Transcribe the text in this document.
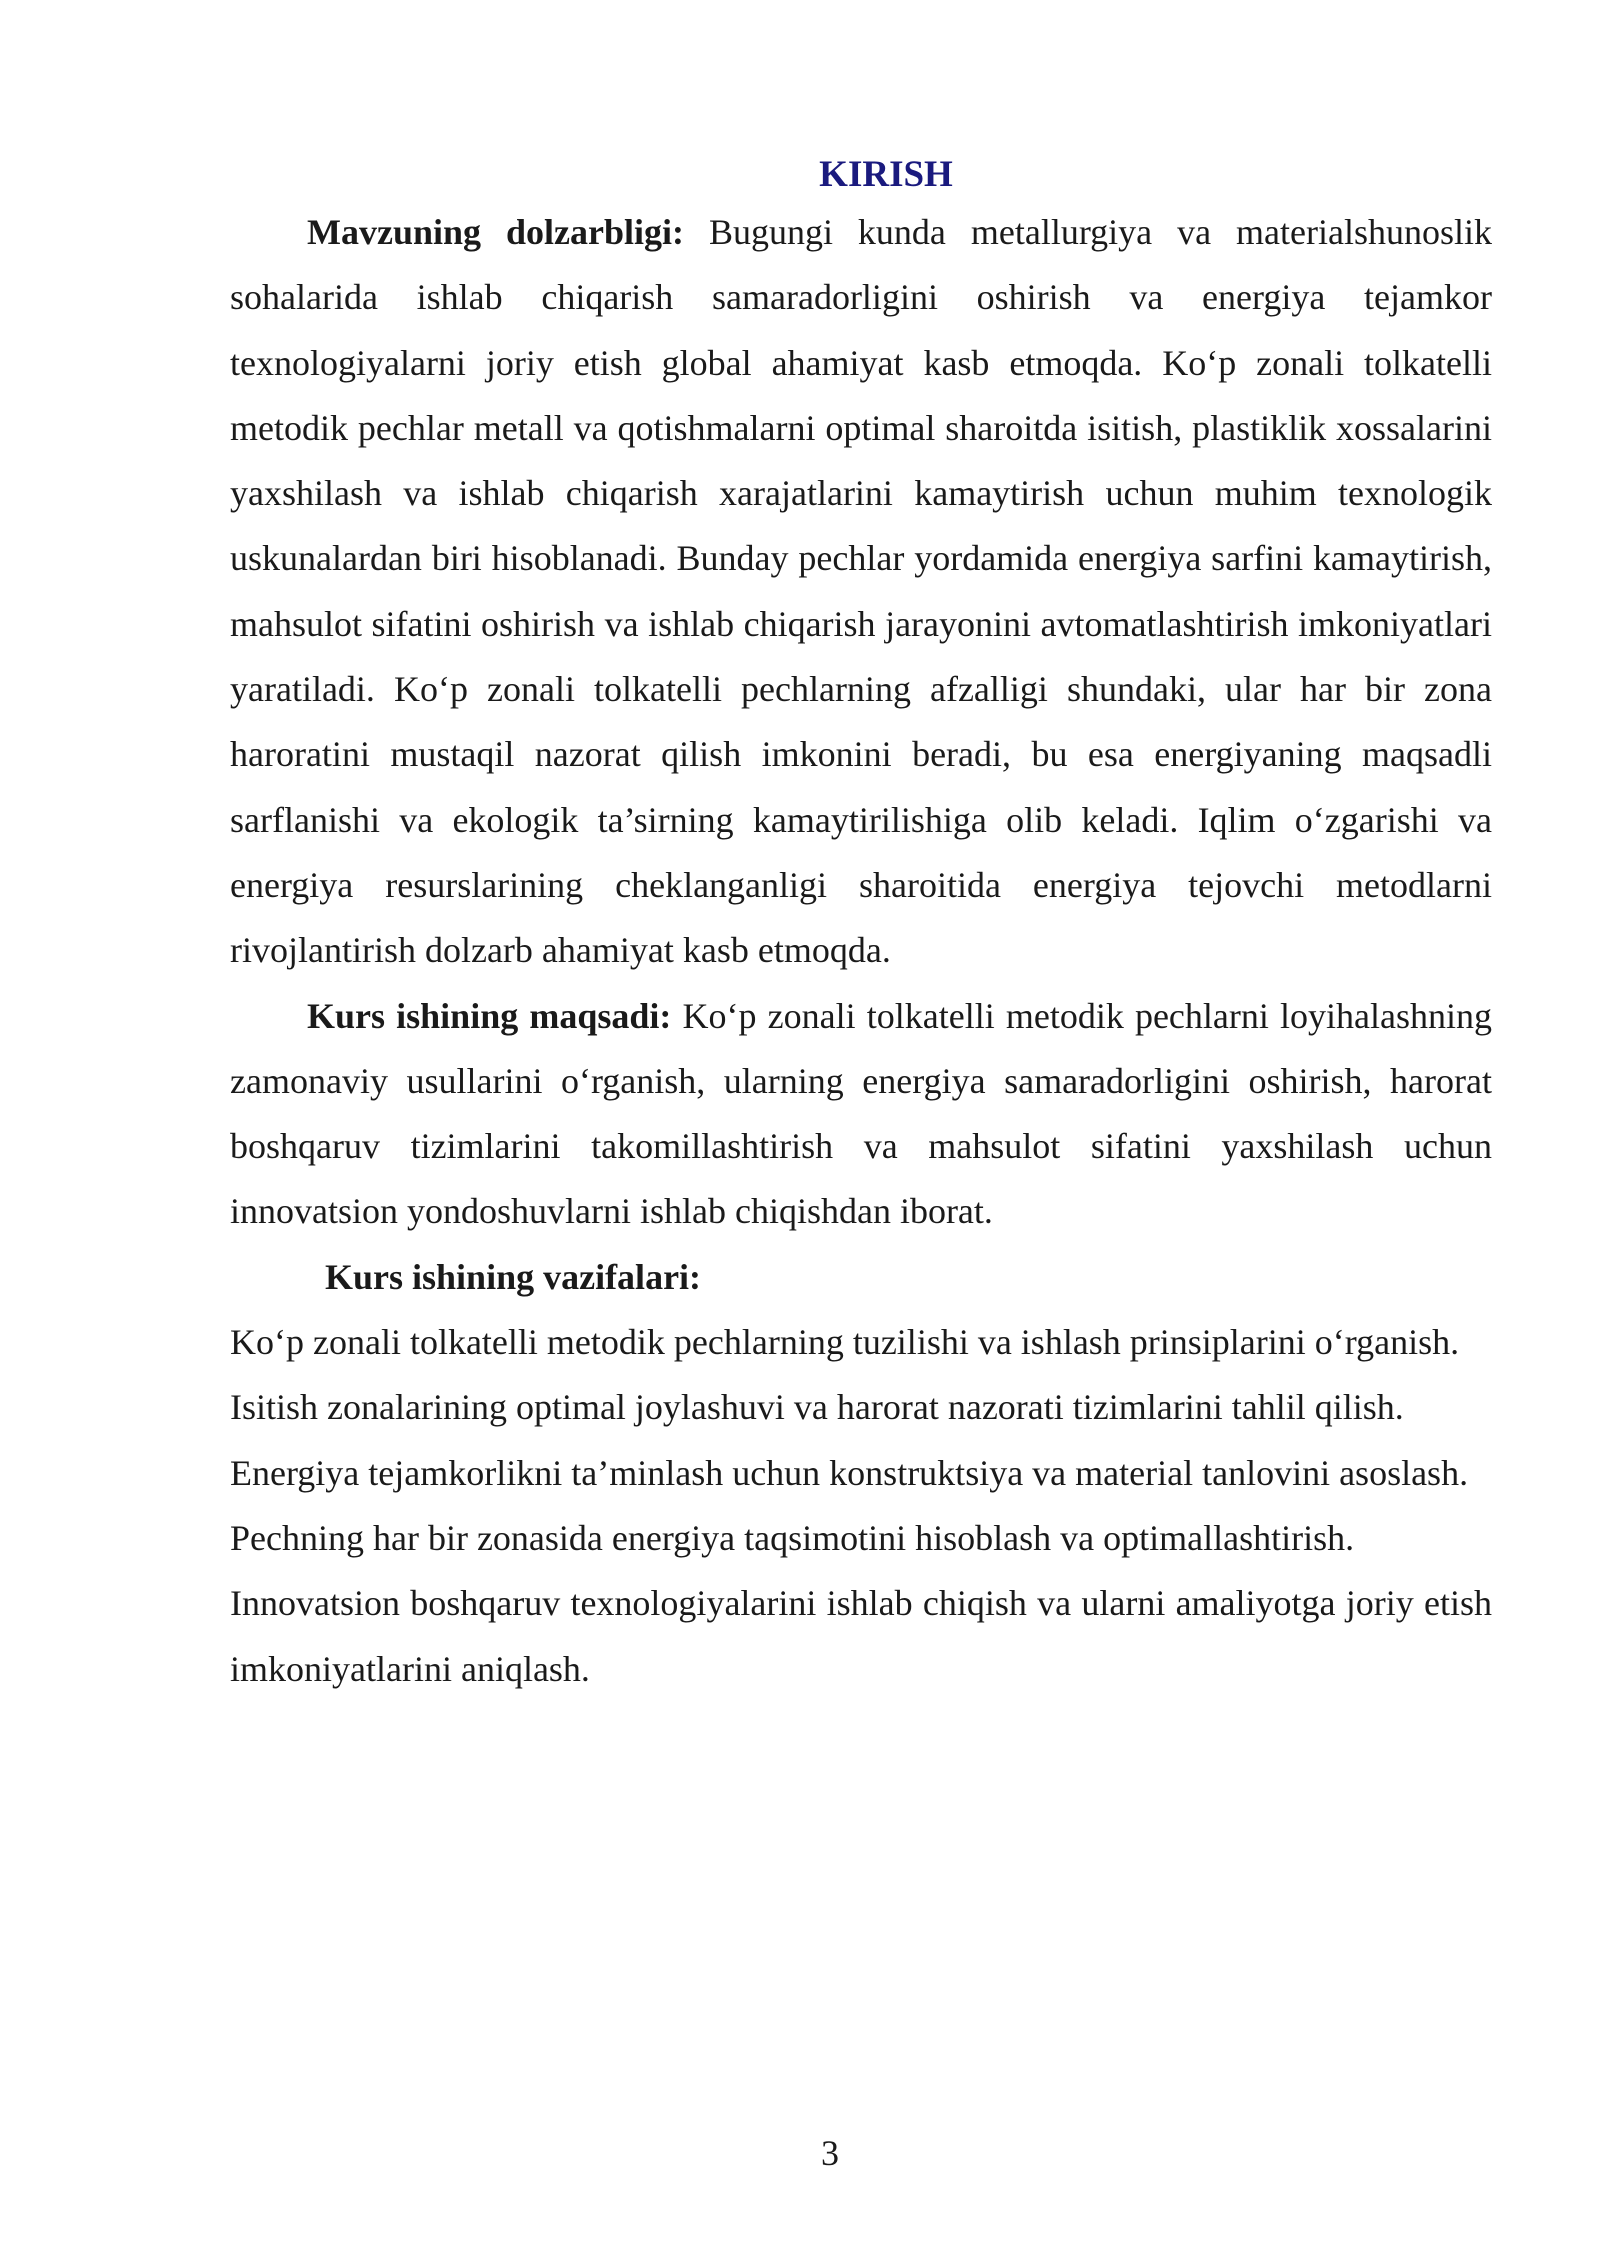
KIRISH

Mavzuning dolzarbligi: Bugungi kunda metallurgiya va materialshunoslik sohalarida ishlab chiqarish samaradorligini oshirish va energiya tejamkor texnologiyalarni joriy etish global ahamiyat kasb etmoqda. Koʻp zonali tolkatelli metodik pechlar metall va qotishmalarni optimal sharoitda isitish, plastiklik xossalarini yaxshilash va ishlab chiqarish xarajatlarini kamaytirish uchun muhim texnologik uskunalardan biri hisoblanadi. Bunday pechlar yordamida energiya sarfini kamaytirish, mahsulot sifatini oshirish va ishlab chiqarish jarayonini avtomatlashtirish imkoniyatlari yaratiladi. Koʻp zonali tolkatelli pechlarning afzalligi shundaki, ular har bir zona haroratini mustaqil nazorat qilish imkonini beradi, bu esa energiyaning maqsadli sarflanishi va ekologik ta’sirning kamaytirilishiga olib keladi. Iqlim oʻzgarishi va energiya resurslarining cheklanganligi sharoitida energiya tejovchi metodlarni rivojlantirish dolzarb ahamiyat kasb etmoqda.

Kurs ishining maqsadi: Koʻp zonali tolkatelli metodik pechlarni loyihalashning zamonaviy usullarini oʻrganish, ularning energiya samaradorligini oshirish, harorat boshqaruv tizimlarini takomillashtirish va mahsulot sifatini yaxshilash uchun innovatsion yondoshuvlarni ishlab chiqishdan iborat.

Kurs ishining vazifalari:

Koʻp zonali tolkatelli metodik pechlarning tuzilishi va ishlash prinsiplarini oʻrganish.

Isitish zonalarining optimal joylashuvi va harorat nazorati tizimlarini tahlil qilish.

Energiya tejamkorlikni ta’minlash uchun konstruktsiya va material tanlovini asoslash.

Pechning har bir zonasida energiya taqsimotini hisoblash va optimallashtirish.

Innovatsion boshqaruv texnologiyalarini ishlab chiqish va ularni amaliyotga joriy etish imkoniyatlarini aniqlash.

3
